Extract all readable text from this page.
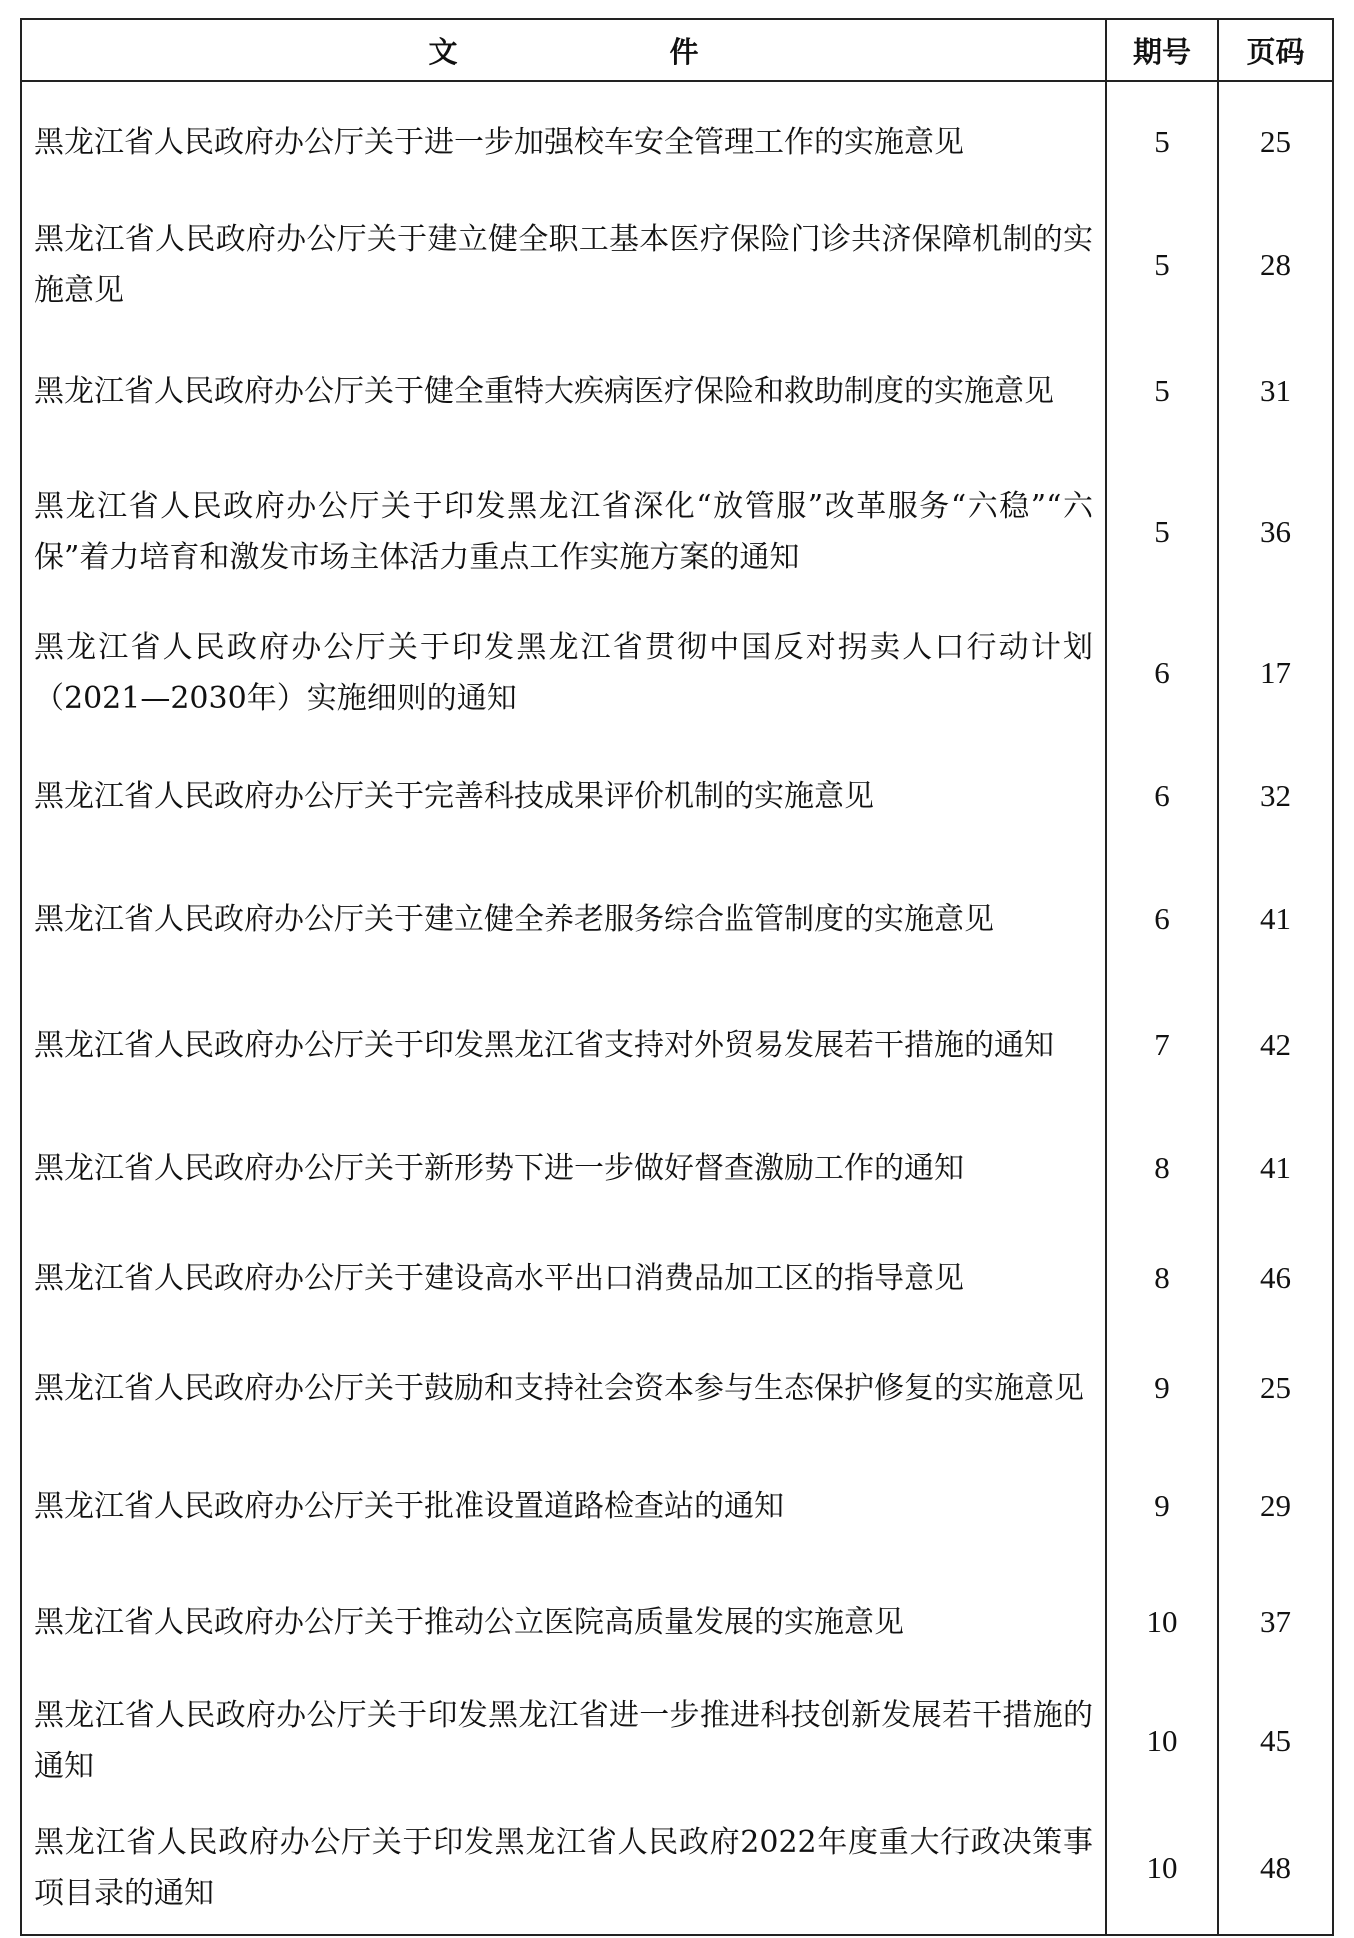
文　　件	期号	页码
黑龙江省人民政府办公厅关于进一步加强校车安全管理工作的实施意见	5	25
黑龙江省人民政府办公厅关于建立健全职工基本医疗保险门诊共济保障机制的实施意见	5	28
黑龙江省人民政府办公厅关于健全重特大疾病医疗保险和救助制度的实施意见	5	31
黑龙江省人民政府办公厅关于印发黑龙江省深化“放管服”改革服务“六稳”“六保”着力培育和激发市场主体活力重点工作实施方案的通知	5	36
黑龙江省人民政府办公厅关于印发黑龙江省贯彻中国反对拐卖人口行动计划（2021—2030年）实施细则的通知	6	17
黑龙江省人民政府办公厅关于完善科技成果评价机制的实施意见	6	32
黑龙江省人民政府办公厅关于建立健全养老服务综合监管制度的实施意见	6	41
黑龙江省人民政府办公厅关于印发黑龙江省支持对外贸易发展若干措施的通知	7	42
黑龙江省人民政府办公厅关于新形势下进一步做好督查激励工作的通知	8	41
黑龙江省人民政府办公厅关于建设高水平出口消费品加工区的指导意见	8	46
黑龙江省人民政府办公厅关于鼓励和支持社会资本参与生态保护修复的实施意见	9	25
黑龙江省人民政府办公厅关于批准设置道路检查站的通知	9	29
黑龙江省人民政府办公厅关于推动公立医院高质量发展的实施意见	10	37
黑龙江省人民政府办公厅关于印发黑龙江省进一步推进科技创新发展若干措施的通知	10	45
黑龙江省人民政府办公厅关于印发黑龙江省人民政府2022年度重大行政决策事项目录的通知	10	48
